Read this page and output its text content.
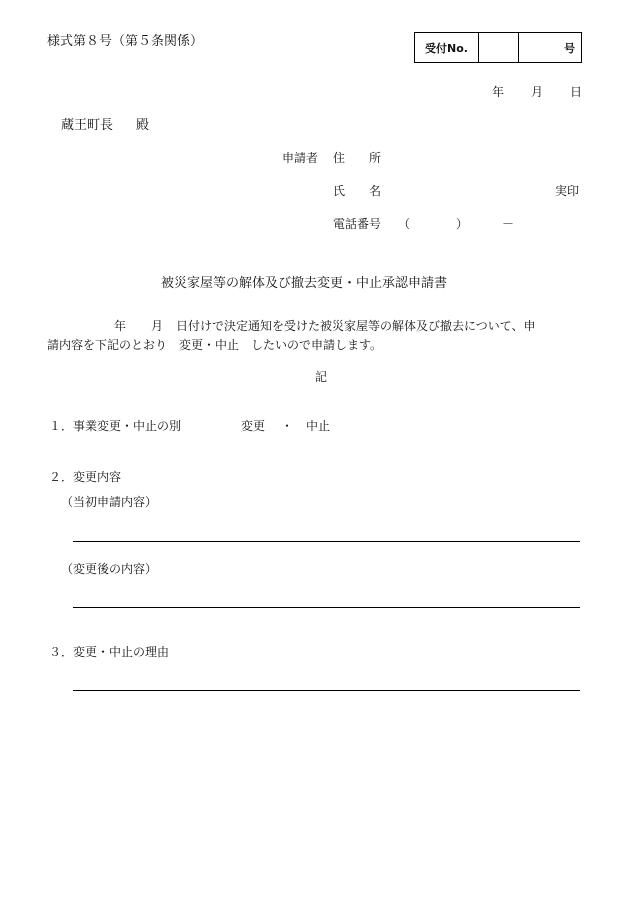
様式第８号（第５条関係）	受付No.	号
年 月 日
蔵王町長 殿
申請者 住　　所
氏　　名	実印
電話番号 （	）	－
被災家屋等の解体及び撤去変更・中止承認申請書
年 月 日付けで決定通知を受けた被災家屋等の解体及び撤去について、申
請内容を下記のとおり　変更・中止　したいので申請します。
記
１．事業変更・中止の別	変更 ・ 中止
２．変更内容
（当初申請内容）
（変更後の内容）
３．変更・中止の理由
